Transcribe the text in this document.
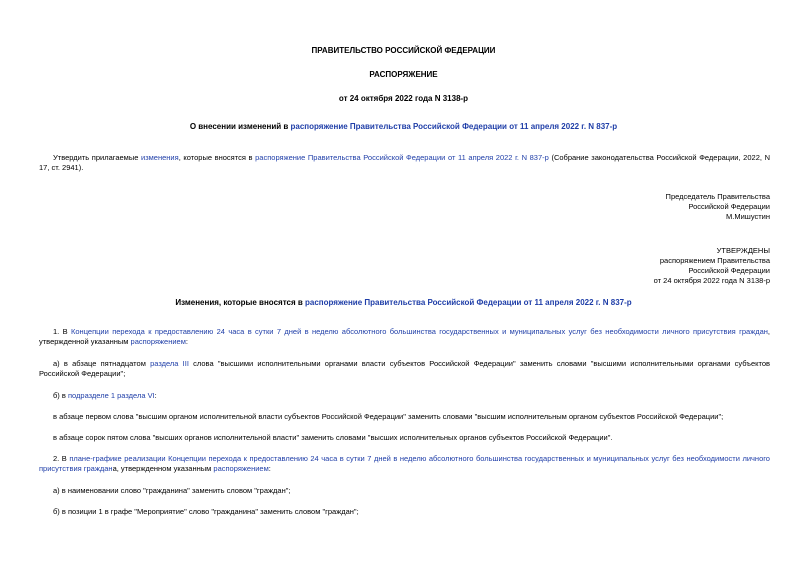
ПРАВИТЕЛЬСТВО РОССИЙСКОЙ ФЕДЕРАЦИИ
РАСПОРЯЖЕНИЕ
от 24 октября 2022 года N 3138-р
О внесении изменений в распоряжение Правительства Российской Федерации от 11 апреля 2022 г. N 837-р
Утвердить прилагаемые изменения, которые вносятся в распоряжение Правительства Российской Федерации от 11 апреля 2022 г. N 837-р (Собрание законодательства Российской Федерации, 2022, N 17, ст. 2941).
Председатель Правительства
Российской Федерации
М.Мишустин
УТВЕРЖДЕНЫ
распоряжением Правительства
Российской Федерации
от 24 октября 2022 года N 3138-р
Изменения, которые вносятся в распоряжение Правительства Российской Федерации от 11 апреля 2022 г. N 837-р
1. В Концепции перехода к предоставлению 24 часа в сутки 7 дней в неделю абсолютного большинства государственных и муниципальных услуг без необходимости личного присутствия граждан, утвержденной указанным распоряжением:
а) в абзаце пятнадцатом раздела III слова "высшими исполнительными органами власти субъектов Российской Федерации" заменить словами "высшими исполнительными органами субъектов Российской Федерации";
б) в подразделе 1 раздела VI:
в абзаце первом слова "высшим органом исполнительной власти субъектов Российской Федерации" заменить словами "высшим исполнительным органом субъектов Российской Федерации";
в абзаце сорок пятом слова "высших органов исполнительной власти" заменить словами "высших исполнительных органов субъектов Российской Федерации".
2. В плане-графике реализации Концепции перехода к предоставлению 24 часа в сутки 7 дней в неделю абсолютного большинства государственных и муниципальных услуг без необходимости личного присутствия граждана, утвержденном указанным распоряжением:
а) в наименовании слово "гражданина" заменить словом "граждан";
б) в позиции 1 в графе "Мероприятие" слово "гражданина" заменить словом "граждан";
